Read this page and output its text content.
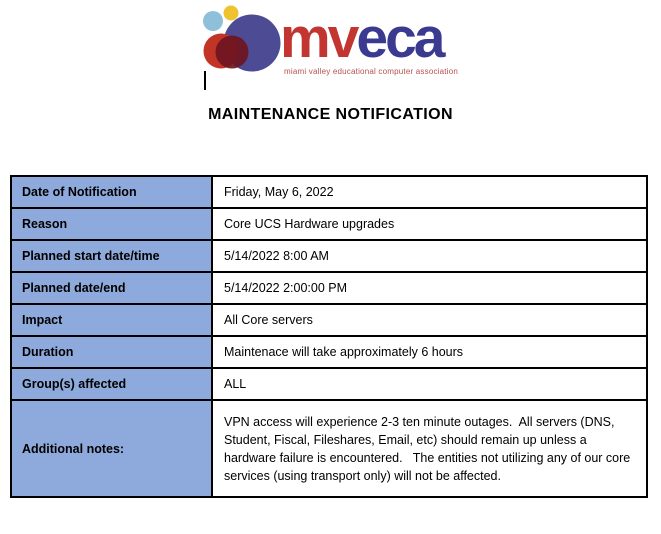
mveca
miami valley educational computer association
MAINTENANCE NOTIFICATION
Date of Notification	Friday, May 6, 2022
Reason	Core UCS Hardware upgrades
Planned start date/time	5/14/2022 8:00 AM
Planned date/end	5/14/2022 2:00:00 PM
Impact	All Core servers
Duration	Maintenace will take approximately 6 hours
Group(s) affected	ALL
Additional notes:	VPN access will experience 2-3 ten minute outages.  All servers (DNS, Student, Fiscal, Fileshares, Email, etc) should remain up unless a hardware failure is encountered.   The entities not utilizing any of our core services (using transport only) will not be affected.
